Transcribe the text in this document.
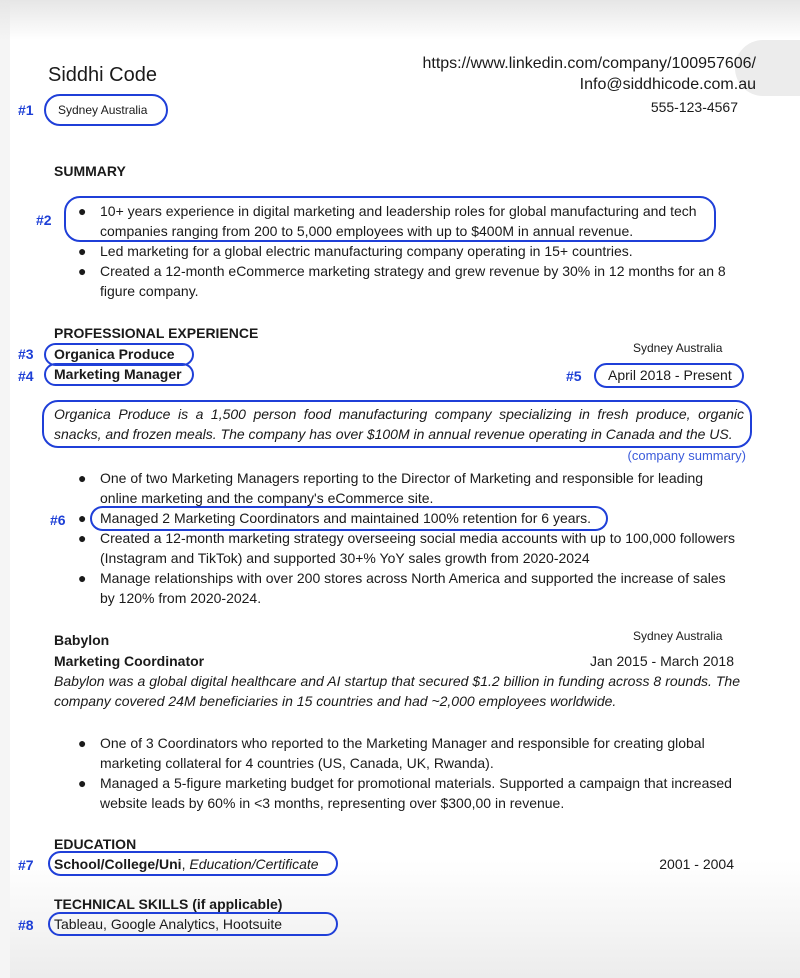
Siddhi Code
https://www.linkedin.com/company/100957606/
Info@siddhicode.com.au
555-123-4567
#1 Sydney Australia
SUMMARY
#2
● 10+ years experience in digital marketing and leadership roles for global manufacturing and tech companies ranging from 200 to 5,000 employees with up to $400M in annual revenue.
● Led marketing for a global electric manufacturing company operating in 15+ countries.
● Created a 12-month eCommerce marketing strategy and grew revenue by 30% in 12 months for an 8 figure company.
PROFESSIONAL EXPERIENCE
#3 Organica Produce	Sydney Australia
#4 Marketing Manager	#5 April 2018 - Present
Organica Produce is a 1,500 person food manufacturing company specializing in fresh produce, organic snacks, and frozen meals. The company has over $100M in annual revenue operating in Canada and the US.
(company summary)
#6
● One of two Marketing Managers reporting to the Director of Marketing and responsible for leading online marketing and the company's eCommerce site.
● Managed 2 Marketing Coordinators and maintained 100% retention for 6 years.
● Created a 12-month marketing strategy overseeing social media accounts with up to 100,000 followers (Instagram and TikTok) and supported 30+% YoY sales growth from 2020-2024
● Manage relationships with over 200 stores across North America and supported the increase of sales by 120% from 2020-2024.
Babylon	Sydney Australia
Marketing Coordinator	Jan 2015 - March 2018
Babylon was a global digital healthcare and AI startup that secured $1.2 billion in funding across 8 rounds. The company covered 24M beneficiaries in 15 countries and had ~2,000 employees worldwide.
● One of 3 Coordinators who reported to the Marketing Manager and responsible for creating global marketing collateral for 4 countries (US, Canada, UK, Rwanda).
● Managed a 5-figure marketing budget for promotional materials. Supported a campaign that increased website leads by 60% in <3 months, representing over $300,00 in revenue.
EDUCATION
#7 School/College/Uni, Education/Certificate	2001 - 2004
TECHNICAL SKILLS (if applicable)
#8 Tableau, Google Analytics, Hootsuite
